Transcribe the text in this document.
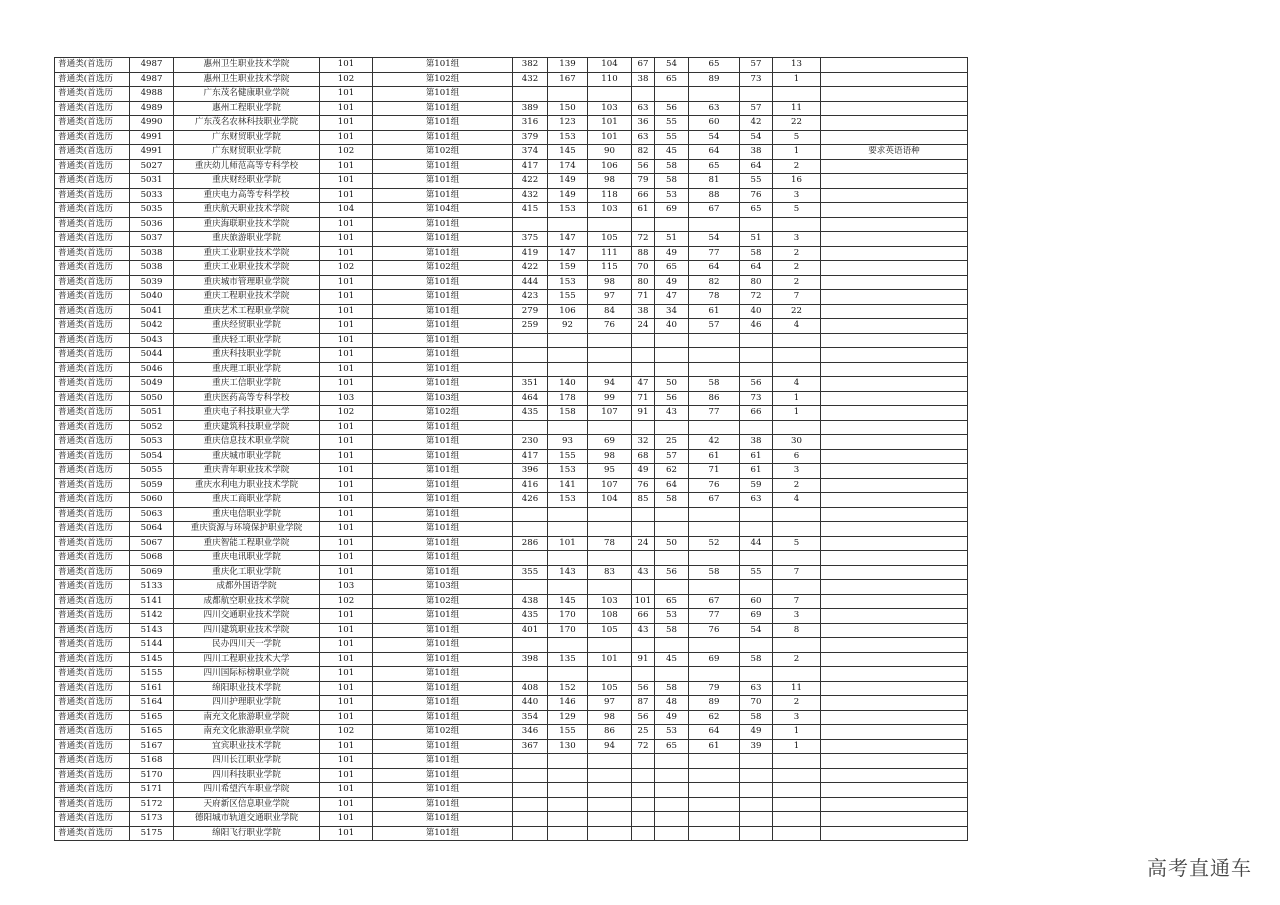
普通类(首选历	4987	惠州卫生职业技术学院	101	第101组	382	139	104	67	54	65	57	13	
普通类(首选历	4987	惠州卫生职业技术学院	102	第102组	432	167	110	38	65	89	73	1	
普通类(首选历	4988	广东茂名健康职业学院	101	第101组									
普通类(首选历	4989	惠州工程职业学院	101	第101组	389	150	103	63	56	63	57	11	
普通类(首选历	4990	广东茂名农林科技职业学院	101	第101组	316	123	101	36	55	60	42	22	
普通类(首选历	4991	广东财贸职业学院	101	第101组	379	153	101	63	55	54	54	5	
普通类(首选历	4991	广东财贸职业学院	102	第102组	374	145	90	82	45	64	38	1	要求英语语种
普通类(首选历	5027	重庆幼儿师范高等专科学校	101	第101组	417	174	106	56	58	65	64	2	
普通类(首选历	5031	重庆财经职业学院	101	第101组	422	149	98	79	58	81	55	16	
普通类(首选历	5033	重庆电力高等专科学校	101	第101组	432	149	118	66	53	88	76	3	
普通类(首选历	5035	重庆航天职业技术学院	104	第104组	415	153	103	61	69	67	65	5	
普通类(首选历	5036	重庆海联职业技术学院	101	第101组									
普通类(首选历	5037	重庆旅游职业学院	101	第101组	375	147	105	72	51	54	51	3	
普通类(首选历	5038	重庆工业职业技术学院	101	第101组	419	147	111	88	49	77	58	2	
普通类(首选历	5038	重庆工业职业技术学院	102	第102组	422	159	115	70	65	64	64	2	
普通类(首选历	5039	重庆城市管理职业学院	101	第101组	444	153	98	80	49	82	80	2	
普通类(首选历	5040	重庆工程职业技术学院	101	第101组	423	155	97	71	47	78	72	7	
普通类(首选历	5041	重庆艺术工程职业学院	101	第101组	279	106	84	38	34	61	40	22	
普通类(首选历	5042	重庆经贸职业学院	101	第101组	259	92	76	24	40	57	46	4	
普通类(首选历	5043	重庆轻工职业学院	101	第101组									
普通类(首选历	5044	重庆科技职业学院	101	第101组									
普通类(首选历	5046	重庆理工职业学院	101	第101组									
普通类(首选历	5049	重庆工信职业学院	101	第101组	351	140	94	47	50	58	56	4	
普通类(首选历	5050	重庆医药高等专科学校	103	第103组	464	178	99	71	56	86	73	1	
普通类(首选历	5051	重庆电子科技职业大学	102	第102组	435	158	107	91	43	77	66	1	
普通类(首选历	5052	重庆建筑科技职业学院	101	第101组									
普通类(首选历	5053	重庆信息技术职业学院	101	第101组	230	93	69	32	25	42	38	30	
普通类(首选历	5054	重庆城市职业学院	101	第101组	417	155	98	68	57	61	61	6	
普通类(首选历	5055	重庆青年职业技术学院	101	第101组	396	153	95	49	62	71	61	3	
普通类(首选历	5059	重庆水利电力职业技术学院	101	第101组	416	141	107	76	64	76	59	2	
普通类(首选历	5060	重庆工商职业学院	101	第101组	426	153	104	85	58	67	63	4	
普通类(首选历	5063	重庆电信职业学院	101	第101组									
普通类(首选历	5064	重庆资源与环境保护职业学院	101	第101组									
普通类(首选历	5067	重庆智能工程职业学院	101	第101组	286	101	78	24	50	52	44	5	
普通类(首选历	5068	重庆电讯职业学院	101	第101组									
普通类(首选历	5069	重庆化工职业学院	101	第101组	355	143	83	43	56	58	55	7	
普通类(首选历	5133	成都外国语学院	103	第103组									
普通类(首选历	5141	成都航空职业技术学院	102	第102组	438	145	103	101	65	67	60	7	
普通类(首选历	5142	四川交通职业技术学院	101	第101组	435	170	108	66	53	77	69	3	
普通类(首选历	5143	四川建筑职业技术学院	101	第101组	401	170	105	43	58	76	54	8	
普通类(首选历	5144	民办四川天一学院	101	第101组									
普通类(首选历	5145	四川工程职业技术大学	101	第101组	398	135	101	91	45	69	58	2	
普通类(首选历	5155	四川国际标榜职业学院	101	第101组									
普通类(首选历	5161	绵阳职业技术学院	101	第101组	408	152	105	56	58	79	63	11	
普通类(首选历	5164	四川护理职业学院	101	第101组	440	146	97	87	48	89	70	2	
普通类(首选历	5165	南充文化旅游职业学院	101	第101组	354	129	98	56	49	62	58	3	
普通类(首选历	5165	南充文化旅游职业学院	102	第102组	346	155	86	25	53	64	49	1	
普通类(首选历	5167	宜宾职业技术学院	101	第101组	367	130	94	72	65	61	39	1	
普通类(首选历	5168	四川长江职业学院	101	第101组									
普通类(首选历	5170	四川科技职业学院	101	第101组									
普通类(首选历	5171	四川希望汽车职业学院	101	第101组									
普通类(首选历	5172	天府新区信息职业学院	101	第101组									
普通类(首选历	5173	德阳城市轨道交通职业学院	101	第101组									
普通类(首选历	5175	绵阳飞行职业学院	101	第101组									
高考直通车
